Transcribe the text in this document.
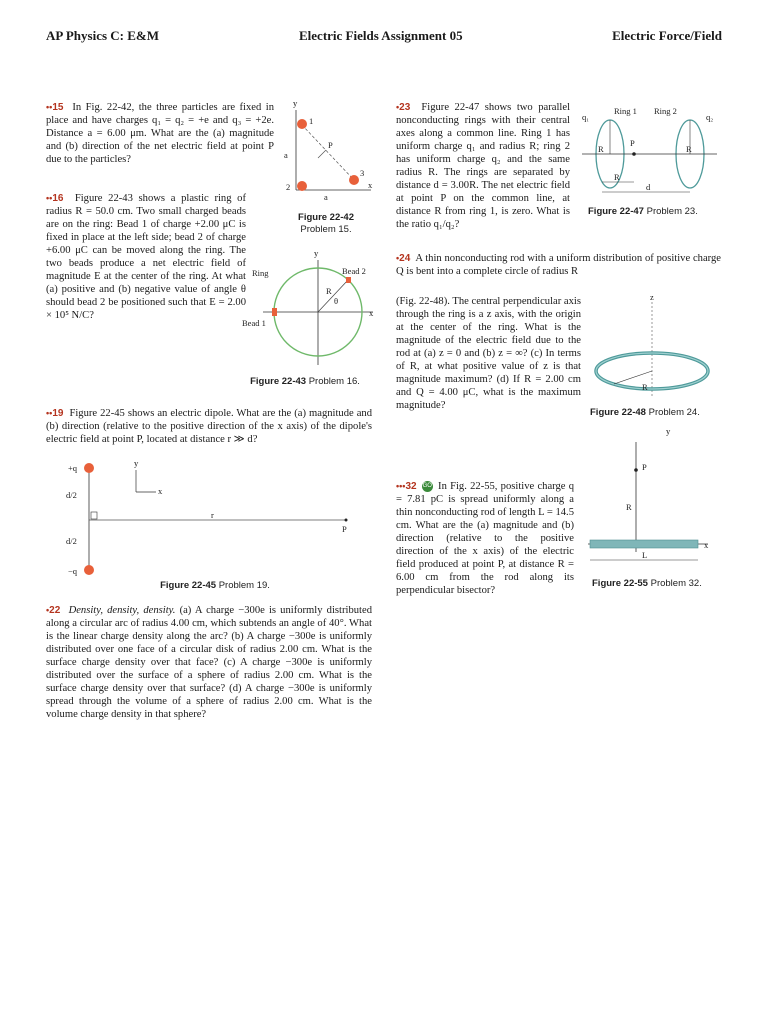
AP Physics C: E&M	Electric Fields Assignment 05	Electric Force/Field

••15 In Fig. 22-42, the three particles are fixed in place and have charges q₁ = q₂ = +e and q₃ = +2e. Distance a = 6.00 μm. What are the (a) magnitude and (b) direction of the net electric field at point P due to the particles?

y
x
1
2
3
P
a
a
Figure 22-42
Problem 15.

••16 Figure 22-43 shows a plastic ring of radius R = 50.0 cm. Two small charged beads are on the ring: Bead 1 of charge +2.00 μC is fixed in place at the left side; bead 2 of charge +6.00 μC can be moved along the ring. The two beads produce a net electric field of magnitude E at the center of the ring. At what (a) positive and (b) negative value of angle θ should bead 2 be positioned such that E = 2.00 × 10⁵ N/C?

y
x
Ring
Bead 1
Bead 2
R
θ
Figure 22-43 Problem 16.

••19 Figure 22-45 shows an electric dipole. What are the (a) magnitude and (b) direction (relative to the positive direction of the x axis) of the dipole's electric field at point P, located at distance r ≫ d?

+q
−q
d/2
d/2
r
P
y
x
Figure 22-45 Problem 19.

•22 Density, density, density. (a) A charge −300e is uniformly distributed along a circular arc of radius 4.00 cm, which subtends an angle of 40°. What is the linear charge density along the arc? (b) A charge −300e is uniformly distributed over one face of a circular disk of radius 2.00 cm. What is the surface charge density over that face? (c) A charge −300e is uniformly distributed over the surface of a sphere of radius 2.00 cm. What is the surface charge density over that surface? (d) A charge −300e is uniformly spread through the volume of a sphere of radius 2.00 cm. What is the volume charge density in that sphere?

•23 Figure 22-47 shows two parallel nonconducting rings with their central axes along a common line. Ring 1 has uniform charge q₁ and radius R; ring 2 has uniform charge q₂ and the same radius R. The rings are separated by distance d = 3.00R. The net electric field at point P on the common line, at distance R from ring 1, is zero. What is the ratio q₁/q₂?

Ring 1 Ring 2
q₁	q₂
P
R	R
R
d
Figure 22-47 Problem 23.

•24 A thin nonconducting rod with a uniform distribution of positive charge Q is bent into a complete circle of radius R

(Fig. 22-48). The central perpendicular axis through the ring is a z axis, with the origin at the center of the ring. What is the magnitude of the electric field due to the rod at (a) z = 0 and (b) z = ∞? (c) In terms of R, at what positive value of z is that magnitude maximum? (d) If R = 2.00 cm and Q = 4.00 μC, what is the maximum magnitude?

z
R
Figure 22-48 Problem 24.

•••32 GO In Fig. 22-55, positive charge q = 7.81 pC is spread uniformly along a thin nonconducting rod of length L = 14.5 cm. What are the (a) magnitude and (b) direction (relative to the positive direction of the x axis) of the electric field produced at point P, at distance R = 6.00 cm from the rod along its perpendicular bisector?

y
P
R
x
L
Figure 22-55 Problem 32.
